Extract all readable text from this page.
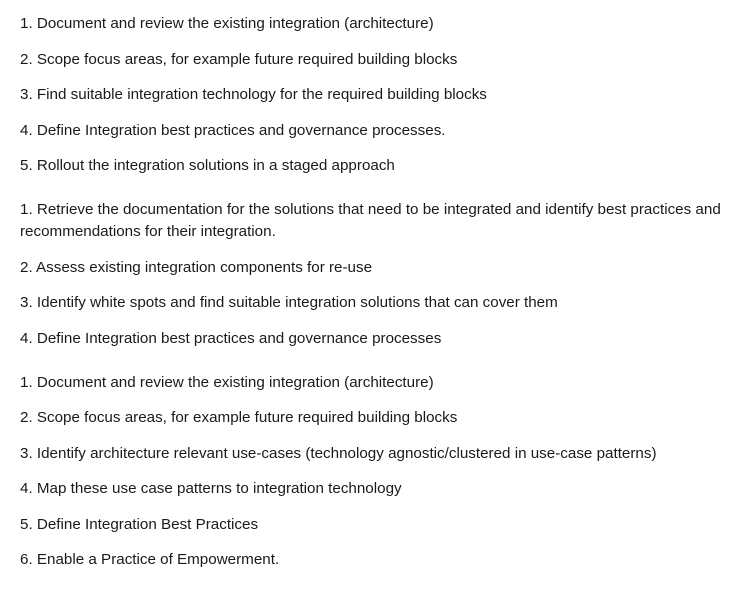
1. Document and review the existing integration (architecture)
2. Scope focus areas, for example future required building blocks
3. Find suitable integration technology for the required building blocks
4. Define Integration best practices and governance processes.
5. Rollout the integration solutions in a staged approach
1. Retrieve the documentation for the solutions that need to be integrated and identify best practices and recommendations for their integration.
2. Assess existing integration components for re-use
3. Identify white spots and find suitable integration solutions that can cover them
4. Define Integration best practices and governance processes
1. Document and review the existing integration (architecture)
2. Scope focus areas, for example future required building blocks
3. Identify architecture relevant use-cases (technology agnostic/clustered in use-case patterns)
4. Map these use case patterns to integration technology
5. Define Integration Best Practices
6. Enable a Practice of Empowerment.
